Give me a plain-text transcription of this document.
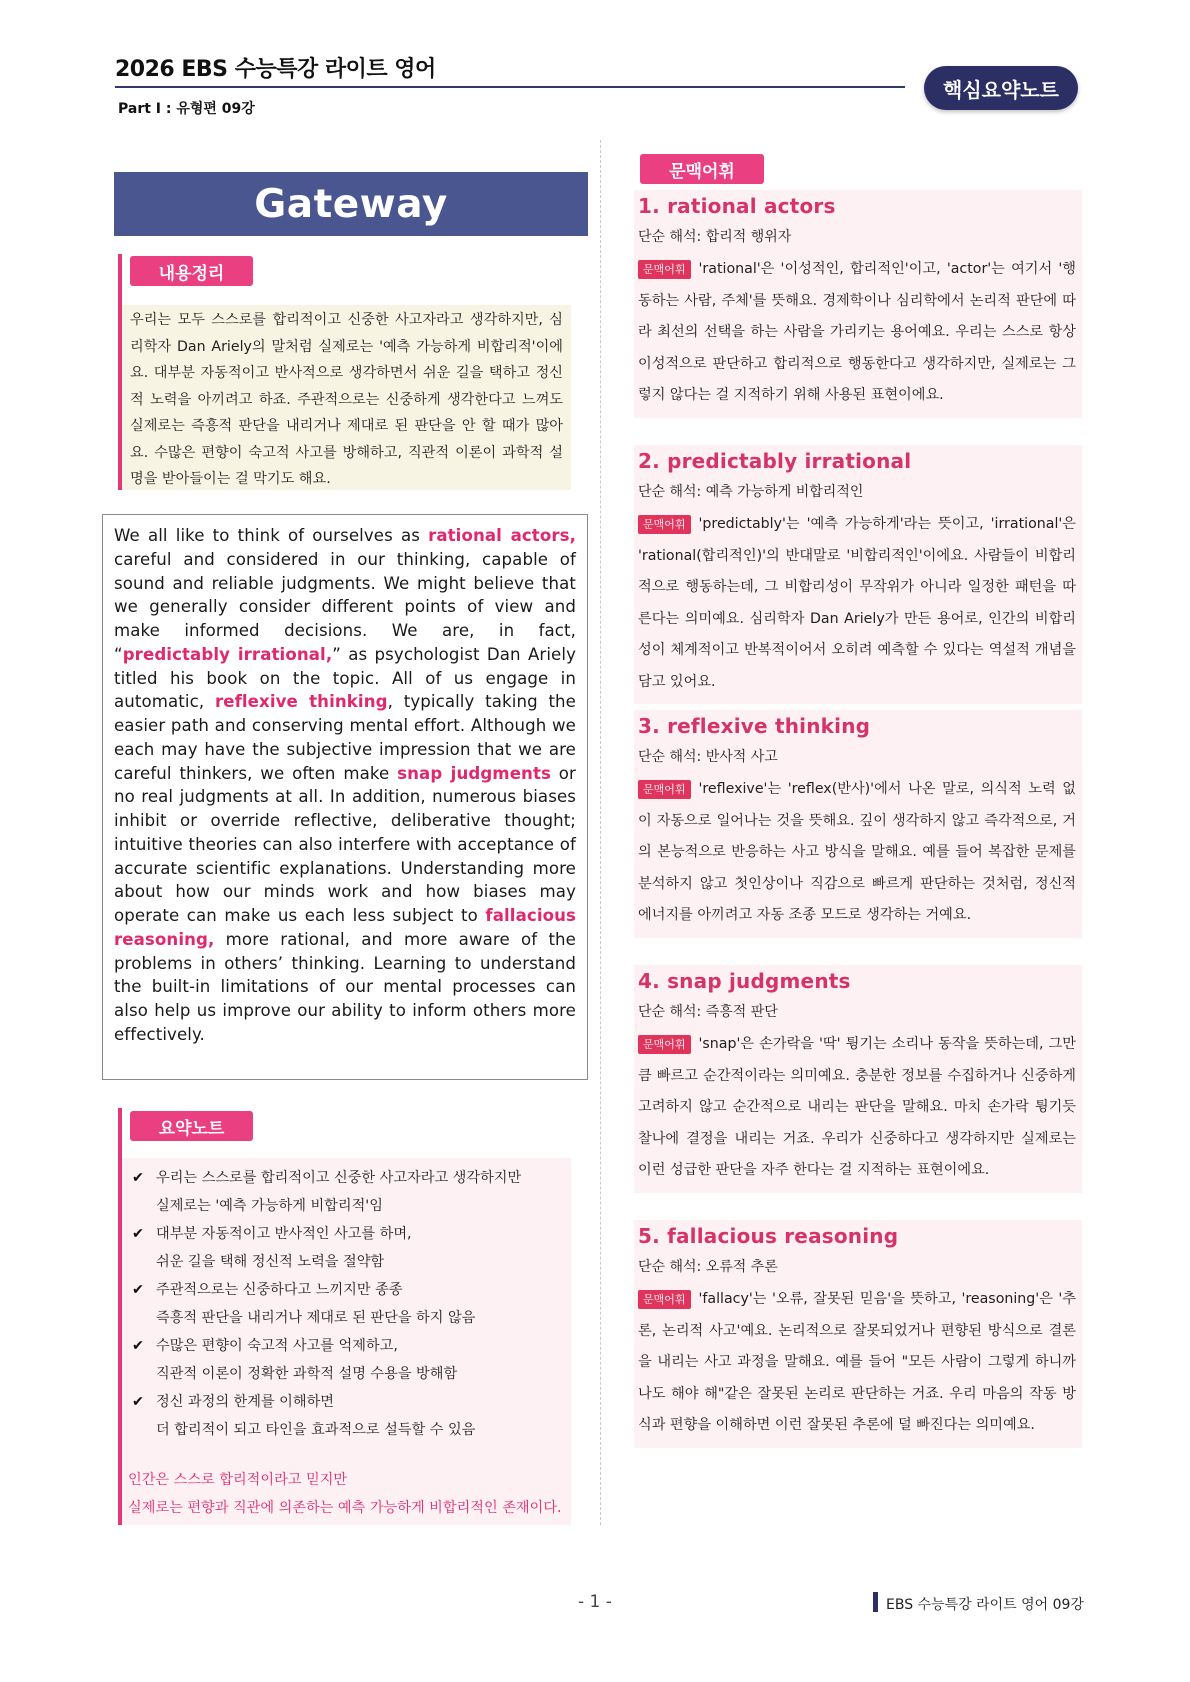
2026 EBS 수능특강 라이트 영어
핵심요약노트
Part Ⅰ : 유형편 09강
Gateway
내용정리

우리는 모두 스스로를 합리적이고 신중한 사고자라고 생각하지만, 심리학자 Dan Ariely의 말처럼 실제로는 '예측 가능하게 비합리적'이에요. 대부분 자동적이고 반사적으로 생각하면서 쉬운 길을 택하고 정신적 노력을 아끼려고 하죠. 주관적으로는 신중하게 생각한다고 느껴도 실제로는 즉흥적 판단을 내리거나 제대로 된 판단을 안 할 때가 많아요. 수많은 편향이 숙고적 사고를 방해하고, 직관적 이론이 과학적 설명을 받아들이는 걸 막기도 해요.

We all like to think of ourselves as rational actors, careful and considered in our thinking, capable of sound and reliable judgments. We might believe that we generally consider different points of view and make informed decisions. We are, in fact, “predictably irrational,” as psychologist Dan Ariely titled his book on the topic. All of us engage in automatic, reflexive thinking, typically taking the easier path and conserving mental effort. Although we each may have the subjective impression that we are careful thinkers, we often make snap judgments or no real judgments at all. In addition, numerous biases inhibit or override reflective, deliberative thought; intuitive theories can also interfere with acceptance of accurate scientific explanations. Understanding more about how our minds work and how biases may operate can make us each less subject to fallacious reasoning, more rational, and more aware of the problems in others’ thinking. Learning to understand the built-in limitations of our mental processes can also help us improve our ability to inform others more effectively.

요약노트
✔ 우리는 스스로를 합리적이고 신중한 사고자라고 생각하지만
실제로는 '예측 가능하게 비합리적'임
✔ 대부분 자동적이고 반사적인 사고를 하며,
쉬운 길을 택해 정신적 노력을 절약함
✔ 주관적으로는 신중하다고 느끼지만 종종
즉흥적 판단을 내리거나 제대로 된 판단을 하지 않음
✔ 수많은 편향이 숙고적 사고를 억제하고,
직관적 이론이 정확한 과학적 설명 수용을 방해함
✔ 정신 과정의 한계를 이해하면
더 합리적이 되고 타인을 효과적으로 설득할 수 있음
인간은 스스로 합리적이라고 믿지만
실제로는 편향과 직관에 의존하는 예측 가능하게 비합리적인 존재이다.
문맥어휘
1. rational actors
단순 해석: 합리적 행위자

문맥어휘 'rational'은 '이성적인, 합리적인'이고, 'actor'는 여기서 '행동하는 사람, 주체'를 뜻해요. 경제학이나 심리학에서 논리적 판단에 따라 최선의 선택을 하는 사람을 가리키는 용어예요. 우리는 스스로 항상 이성적으로 판단하고 합리적으로 행동한다고 생각하지만, 실제로는 그렇지 않다는 걸 지적하기 위해 사용된 표현이에요.

2. predictably irrational
단순 해석: 예측 가능하게 비합리적인

문맥어휘 'predictably'는 '예측 가능하게'라는 뜻이고, 'irrational'은 'rational(합리적인)'의 반대말로 '비합리적인'이에요. 사람들이 비합리적으로 행동하는데, 그 비합리성이 무작위가 아니라 일정한 패턴을 따른다는 의미예요. 심리학자 Dan Ariely가 만든 용어로, 인간의 비합리성이 체계적이고 반복적이어서 오히려 예측할 수 있다는 역설적 개념을 담고 있어요.

3. reflexive thinking
단순 해석: 반사적 사고

문맥어휘 'reflexive'는 'reflex(반사)'에서 나온 말로, 의식적 노력 없이 자동으로 일어나는 것을 뜻해요. 깊이 생각하지 않고 즉각적으로, 거의 본능적으로 반응하는 사고 방식을 말해요. 예를 들어 복잡한 문제를 분석하지 않고 첫인상이나 직감으로 빠르게 판단하는 것처럼, 정신적 에너지를 아끼려고 자동 조종 모드로 생각하는 거예요.

4. snap judgments
단순 해석: 즉흥적 판단

문맥어휘 'snap'은 손가락을 '딱' 튕기는 소리나 동작을 뜻하는데, 그만큼 빠르고 순간적이라는 의미예요. 충분한 정보를 수집하거나 신중하게 고려하지 않고 순간적으로 내리는 판단을 말해요. 마치 손가락 튕기듯 찰나에 결정을 내리는 거죠. 우리가 신중하다고 생각하지만 실제로는 이런 성급한 판단을 자주 한다는 걸 지적하는 표현이에요.

5. fallacious reasoning
단순 해석: 오류적 추론

문맥어휘 'fallacy'는 '오류, 잘못된 믿음'을 뜻하고, 'reasoning'은 '추론, 논리적 사고'예요. 논리적으로 잘못되었거나 편향된 방식으로 결론을 내리는 사고 과정을 말해요. 예를 들어 "모든 사람이 그렇게 하니까 나도 해야 해"같은 잘못된 논리로 판단하는 거죠. 우리 마음의 작동 방식과 편향을 이해하면 이런 잘못된 추론에 덜 빠진다는 의미예요.

- 1 -	EBS 수능특강 라이트 영어 09강
